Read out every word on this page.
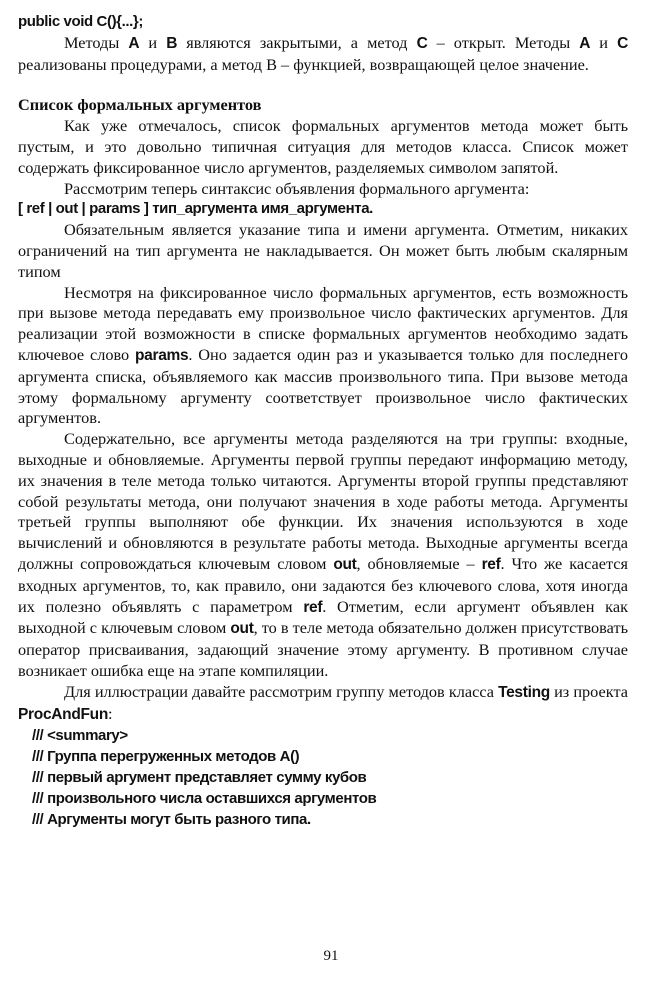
public void C(){...};

Методы A и B являются закрытыми, а метод C – открыт. Методы A и C реализованы процедурами, а метод В – функцией, возвращающей целое значение.

Список формальных аргументов

Как уже отмечалось, список формальных аргументов метода может быть пустым, и это довольно типичная ситуация для методов класса. Список может содержать фиксированное число аргументов, разделяемых символом запятой.

Рассмотрим теперь синтаксис объявления формального аргумента:

[ ref | out | params ] тип_аргумента имя_аргумента.

Обязательным является указание типа и имени аргумента. Отметим, никаких ограничений на тип аргумента не накладывается. Он может быть любым скалярным типом

Несмотря на фиксированное число формальных аргументов, есть возможность при вызове метода передавать ему произвольное число фактических аргументов. Для реализации этой возможности в списке формальных аргументов необходимо задать ключевое слово params. Оно задается один раз и указывается только для последнего аргумента списка, объявляемого как массив произвольного типа. При вызове метода этому формальному аргументу соответствует произвольное число фактических аргументов.

Содержательно, все аргументы метода разделяются на три группы: входные, выходные и обновляемые. Аргументы первой группы передают информацию методу, их значения в теле метода только читаются. Аргументы второй группы представляют собой результаты метода, они получают значения в ходе работы метода. Аргументы третьей группы выполняют обе функции. Их значения используются в ходе вычислений и обновляются в результате работы метода. Выходные аргументы всегда должны сопровождаться ключевым словом out, обновляемые – ref. Что же касается входных аргументов, то, как правило, они задаются без ключевого слова, хотя иногда их полезно объявлять с параметром ref. Отметим, если аргумент объявлен как выходной с ключевым словом out, то в теле метода обязательно должен присутствовать оператор присваивания, задающий значение этому аргументу. В противном случае возникает ошибка еще на этапе компиляции.

Для иллюстрации давайте рассмотрим группу методов класса Testing из проекта ProcAndFun:

/// <summary>
/// Группа перегруженных методов A()
/// первый аргумент представляет сумму кубов
/// произвольного числа оставшихся аргументов
/// Аргументы могут быть разного типа.
91
